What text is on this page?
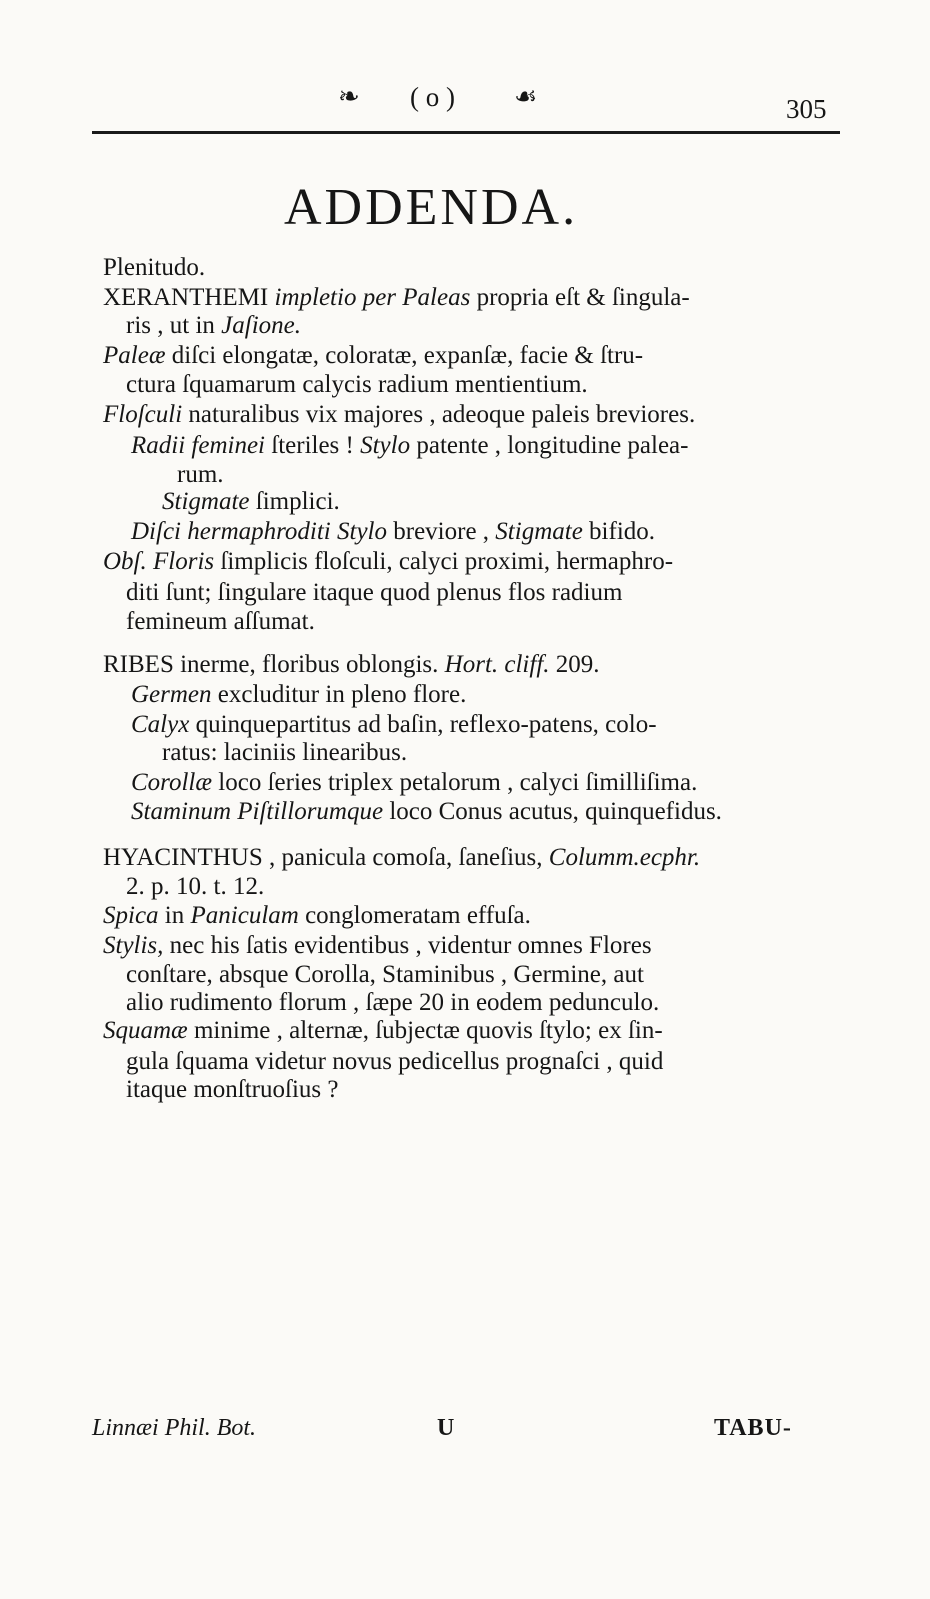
❧ ( o ) ☙	305
ADDENDA.
Plenitudo.
XERANTHEMI impletio per Paleas propria eſt & ſingula-
ris , ut in Jaſione.
Paleæ diſci elongatæ, coloratæ, expanſæ, facie & ſtru-
ctura ſquamarum calycis radium mentientium.
Floſculi naturalibus vix majores , adeoque paleis breviores.
Radii feminei ſteriles ! Stylo patente , longitudine palea-
rum.
Stigmate ſimplici.
Diſci hermaphroditi Stylo breviore , Stigmate bifido.
Obſ. Floris ſimplicis floſculi, calyci proximi, hermaphro-
diti ſunt; ſingulare itaque quod plenus flos radium
femineum aſſumat.
RIBES inerme, floribus oblongis. Hort. cliff. 209.
Germen excluditur in pleno flore.
Calyx quinquepartitus ad baſin, reflexo-patens, colo-
ratus: laciniis linearibus.
Corollæ loco ſeries triplex petalorum , calyci ſimilliſima.
Staminum Piſtillorumque loco Conus acutus, quinquefidus.
HYACINTHUS , panicula comoſa, ſaneſius, Columm.ecphr.
2. p. 10. t. 12.
Spica in Paniculam conglomeratam effuſa.
Stylis, nec his ſatis evidentibus , videntur omnes Flores
conſtare, absque Corolla, Staminibus , Germine, aut
alio rudimento florum , ſæpe 20 in eodem pedunculo.
Squamæ minime , alternæ, ſubjectæ quovis ſtylo; ex ſin-
gula ſquama videtur novus pedicellus prognaſci , quid
itaque monſtruoſius ?
Linnæi Phil. Bot.	U	TABU-
